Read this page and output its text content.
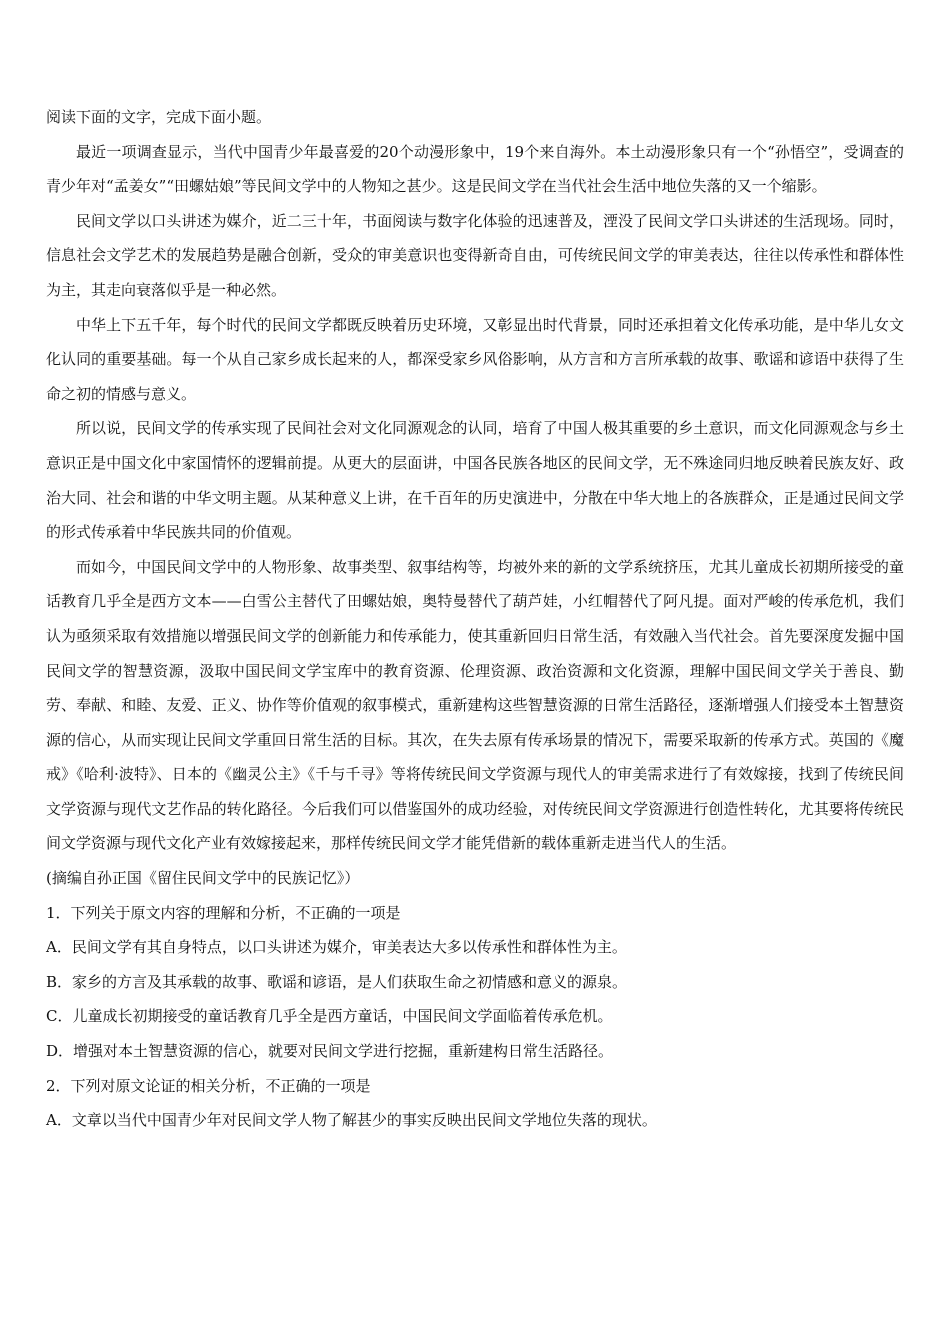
阅读下面的文字，完成下面小题。

最近一项调查显示，当代中国青少年最喜爱的20个动漫形象中，19个来自海外。本土动漫形象只有一个“孙悟空”，受调查的青少年对“孟姜女”“田螺姑娘”等民间文学中的人物知之甚少。这是民间文学在当代社会生活中地位失落的又一个缩影。

民间文学以口头讲述为媒介，近二三十年，书面阅读与数字化体验的迅速普及，湮没了民间文学口头讲述的生活现场。同时，信息社会文学艺术的发展趋势是融合创新，受众的审美意识也变得新奇自由，可传统民间文学的审美表达，往往以传承性和群体性为主，其走向衰落似乎是一种必然。

中华上下五千年，每个时代的民间文学都既反映着历史环境，又彰显出时代背景，同时还承担着文化传承功能，是中华儿女文化认同的重要基础。每一个从自己家乡成长起来的人，都深受家乡风俗影响，从方言和方言所承载的故事、歌谣和谚语中获得了生命之初的情感与意义。

所以说，民间文学的传承实现了民间社会对文化同源观念的认同，培育了中国人极其重要的乡土意识，而文化同源观念与乡土意识正是中国文化中家国情怀的逻辑前提。从更大的层面讲，中国各民族各地区的民间文学，无不殊途同归地反映着民族友好、政治大同、社会和谐的中华文明主题。从某种意义上讲，在千百年的历史演进中，分散在中华大地上的各族群众，正是通过民间文学的形式传承着中华民族共同的价值观。

而如今，中国民间文学中的人物形象、故事类型、叙事结构等，均被外来的新的文学系统挤压，尤其儿童成长初期所接受的童话教育几乎全是西方文本——白雪公主替代了田螺姑娘，奥特曼替代了葫芦娃，小红帽替代了阿凡提。面对严峻的传承危机，我们认为亟须采取有效措施以增强民间文学的创新能力和传承能力，使其重新回归日常生活，有效融入当代社会。首先要深度发掘中国民间文学的智慧资源，汲取中国民间文学宝库中的教育资源、伦理资源、政治资源和文化资源，理解中国民间文学关于善良、勤劳、奉献、和睦、友爱、正义、协作等价值观的叙事模式，重新建构这些智慧资源的日常生活路径，逐渐增强人们接受本土智慧资源的信心，从而实现让民间文学重回日常生活的目标。其次，在失去原有传承场景的情况下，需要采取新的传承方式。英国的《魔戒》《哈利·波特》、日本的《幽灵公主》《千与千寻》等将传统民间文学资源与现代人的审美需求进行了有效嫁接，找到了传统民间文学资源与现代文艺作品的转化路径。今后我们可以借鉴国外的成功经验，对传统民间文学资源进行创造性转化，尤其要将传统民间文学资源与现代文化产业有效嫁接起来，那样传统民间文学才能凭借新的载体重新走进当代人的生活。

(摘编自孙正国《留住民间文学中的民族记忆》）

1．下列关于原文内容的理解和分析，不正确的一项是

A．民间文学有其自身特点，以口头讲述为媒介，审美表达大多以传承性和群体性为主。

B．家乡的方言及其承载的故事、歌谣和谚语，是人们获取生命之初情感和意义的源泉。

C．儿童成长初期接受的童话教育几乎全是西方童话，中国民间文学面临着传承危机。

D．增强对本土智慧资源的信心，就要对民间文学进行挖掘，重新建构日常生活路径。

2．下列对原文论证的相关分析，不正确的一项是

A．文章以当代中国青少年对民间文学人物了解甚少的事实反映出民间文学地位失落的现状。
